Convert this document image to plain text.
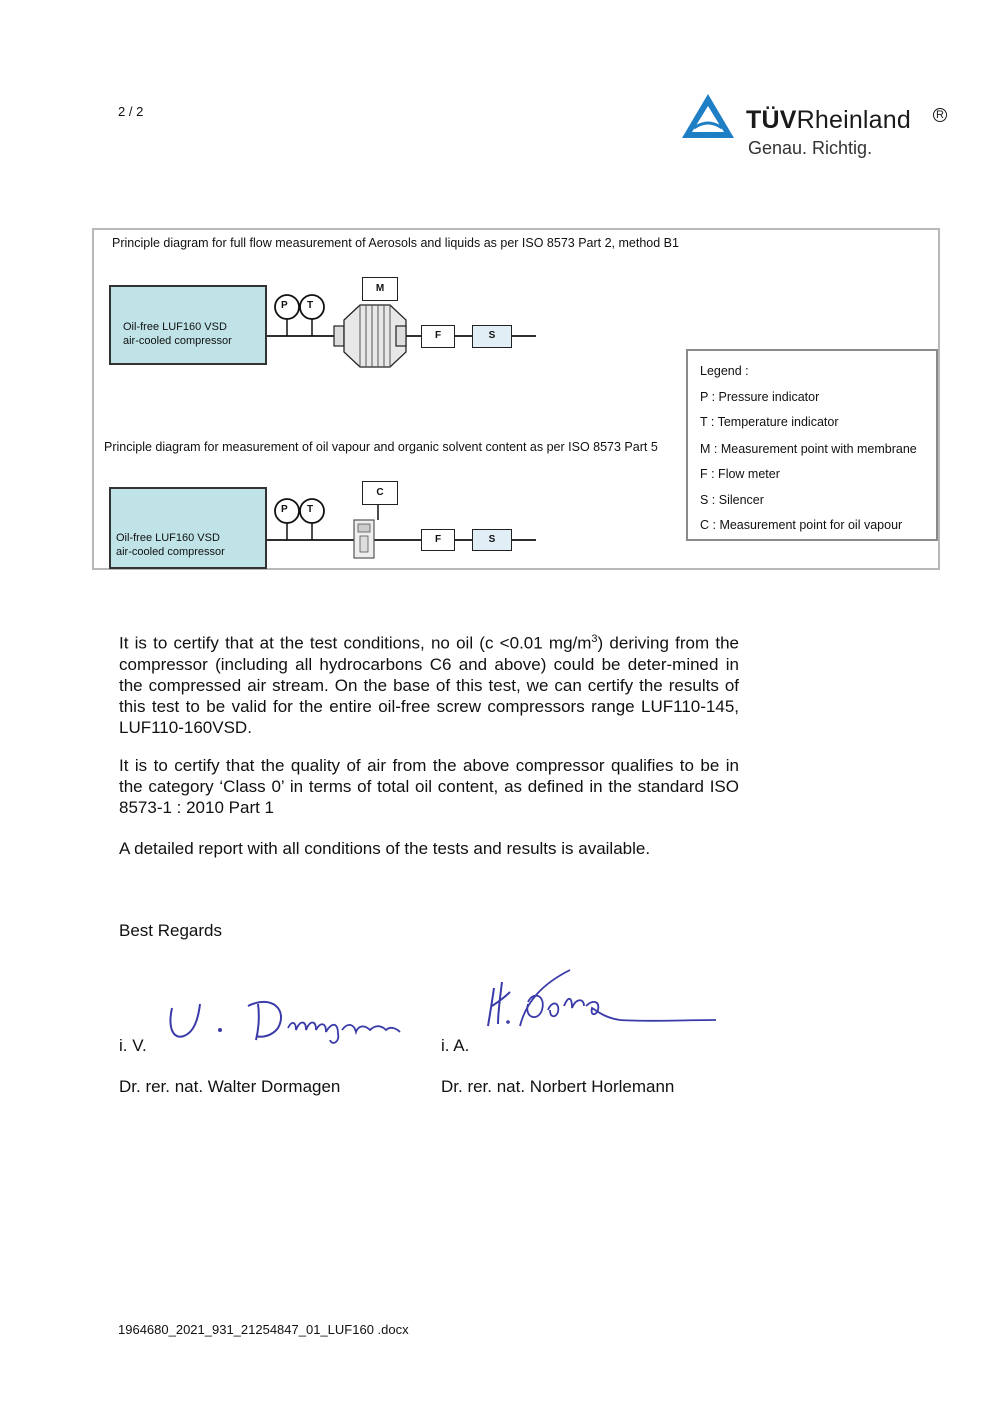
2 / 2	TÜVRheinland R
Genau. Richtig.
Principle diagram for full flow measurement of Aerosols and liquids as per ISO 8573 Part 2, method B1
Principle diagram for measurement of oil vapour and organic solvent content as per ISO 8573 Part 5
Oil-free LUF160 VSD
air-cooled compressor
Oil-free LUF160 VSD
air-cooled compressor
P T
M
F	S
P T
C
F	S
Legend :
P : Pressure indicator
T : Temperature indicator
M : Measurement point with membrane
F : Flow meter
S : Silencer
C : Measurement point for oil vapour
It is to certify that at the test conditions, no oil (c <0.01 $mg/m^3$) deriving from the compressor (including all hydrocarbons C6 and above) could be deter-mined in the compressed air stream. On the base of this test, we can certify the results of this test to be valid for the entire oil-free screw compressors range LUF110-145, LUF110-160VSD.
It is to certify that the quality of air from the above compressor qualifies to be in the category ‘Class 0’ in terms of total oil content, as defined in the standard ISO 8573-1 : 2010 Part 1
A detailed report with all conditions of the tests and results is available.
Best Regards
i. V.	i. A.
Dr. rer. nat. Walter Dormagen	Dr. rer. nat. Norbert Horlemann
1964680_2021_931_21254847_01_LUF160 .docx
